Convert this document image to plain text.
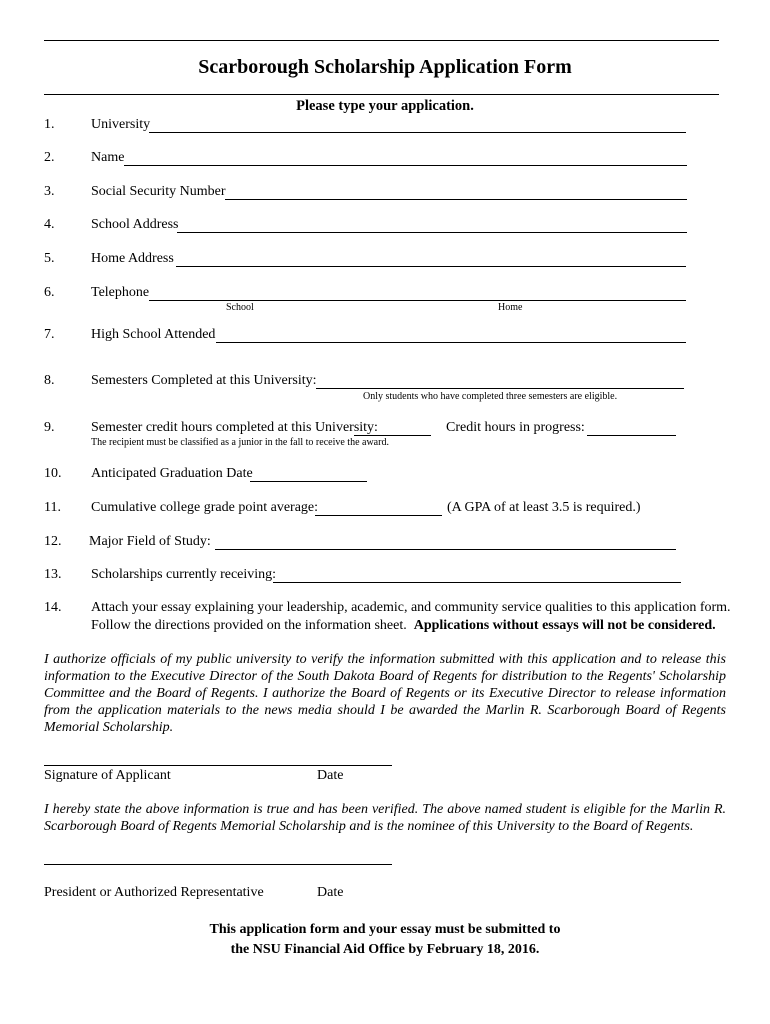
Scarborough Scholarship Application Form
Please type your application.
1.	University
2.	Name
3.	Social Security Number
4.	School Address
5.	Home Address
6.	Telephone
School	Home
7.	High School Attended
8.	Semesters Completed at this University:
Only students who have completed three semesters are eligible.
9.	Semester credit hours completed at this University:	Credit hours in progress:
The recipient must be classified as a junior in the fall to receive the award.
10. Anticipated Graduation Date
11. Cumulative college grade point average:	(A GPA of at least 3.5 is required.)
12. Major Field of Study:
13. Scholarships currently receiving:
14. Attach your essay explaining your leadership, academic, and community service qualities to this application form.
Follow the directions provided on the information sheet. Applications without essays will not be considered.
I authorize officials of my public university to verify the information submitted with this application and to release this information to the Executive Director of the South Dakota Board of Regents for distribution to the Regents' Scholarship Committee and the Board of Regents. I authorize the Board of Regents or its Executive Director to release information from the application materials to the news media should I be awarded the Marlin R. Scarborough Board of Regents Memorial Scholarship.
Signature of Applicant	Date
I hereby state the above information is true and has been verified. The above named student is eligible for the Marlin R. Scarborough Board of Regents Memorial Scholarship and is the nominee of this University to the Board of Regents.
President or Authorized Representative	Date
This application form and your essay must be submitted to
the NSU Financial Aid Office by February 18, 2016.
